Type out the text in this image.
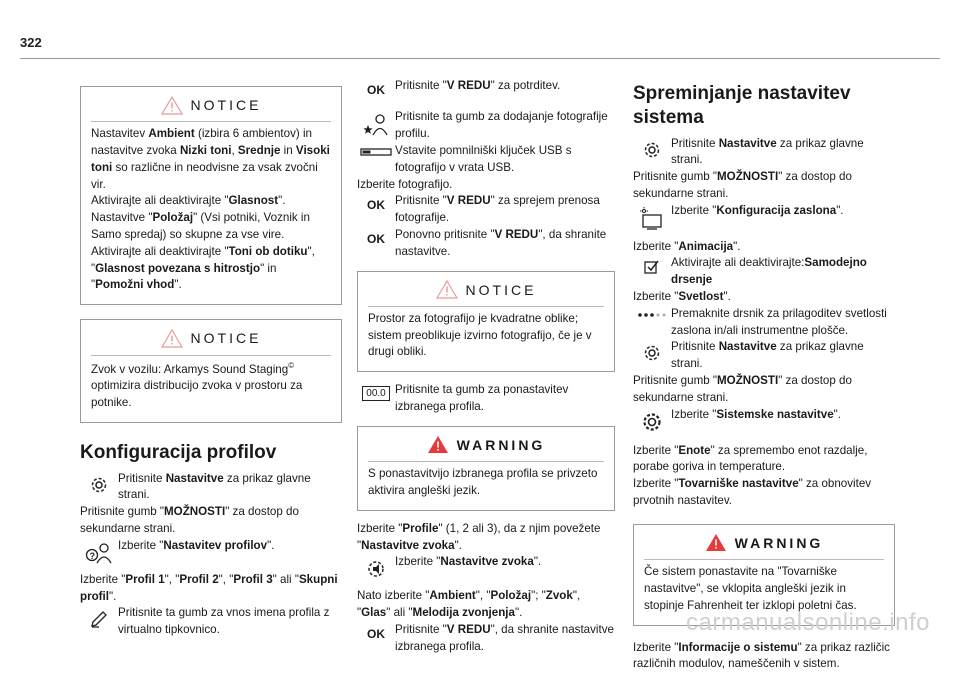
322
NOTICE

Nastavitev Ambient (izbira 6 ambientov) in nastavitve zvoka Nizki toni, Srednje in Visoki toni so različne in neodvisne za vsak zvočni vir.

Aktivirajte ali deaktivirajte "Glasnost".

Nastavitve "Položaj" (Vsi potniki, Voznik in Samo spredaj) so skupne za vse vire.

Aktivirajte ali deaktivirajte "Toni ob dotiku", "Glasnost povezana s hitrostjo" in "Pomožni vhod".

NOTICE

Zvok v vozilu: Arkamys Sound Staging© optimizira distribucijo zvoka v prostoru za potnike.

Konfiguracija profilov

Pritisnite Nastavitve za prikaz glavne strani.

Pritisnite gumb "MOŽNOSTI" za dostop do sekundarne strani.

?

Izberite "Nastavitev profilov".

Izberite "Profil 1", "Profil 2", "Profil 3" ali "Skupni profil".

Pritisnite ta gumb za vnos imena profila z virtualno tipkovnico.

OK Pritisnite "V REDU" za potrditev.

Pritisnite ta gumb za dodajanje fotografije profilu.

Vstavite pomnilniški ključek USB s fotografijo v vrata USB.

Izberite fotografijo.

OK Pritisnite "V REDU" za sprejem prenosa fotografije.

OK Ponovno pritisnite "V REDU", da shranite nastavitve.

NOTICE

Prostor za fotografijo je kvadratne oblike; sistem preoblikuje izvirno fotografijo, če je v drugi obliki.

00.0 Pritisnite ta gumb za ponastavitev izbranega profila.

WARNING

S ponastavitvijo izbranega profila se privzeto aktivira angleški jezik.

Izberite "Profile" (1, 2 ali 3), da z njim povežete "Nastavitve zvoka".

Izberite "Nastavitve zvoka".

Nato izberite "Ambient", "Položaj"; "Zvok", "Glas" ali "Melodija zvonjenja".

OK Pritisnite "V REDU", da shranite nastavitve izbranega profila.

Spreminjanje nastavitev sistema

Pritisnite Nastavitve za prikaz glavne strani.

Pritisnite gumb "MOŽNOSTI" za dostop do sekundarne strani.

Izberite "Konfiguracija zaslona".

Izberite "Animacija".

Aktivirajte ali deaktivirajte:Samodejno drsenje

Izberite "Svetlost".

Premaknite drsnik za prilagoditev svetlosti zaslona in/ali instrumentne plošče.

Pritisnite Nastavitve za prikaz glavne strani.

Pritisnite gumb "MOŽNOSTI" za dostop do sekundarne strani.

Izberite "Sistemske nastavitve".

Izberite "Enote" za spremembo enot razdalje, porabe goriva in temperature.

Izberite "Tovarniške nastavitve" za obnovitev prvotnih nastavitev.

WARNING

Če sistem ponastavite na "Tovarniške nastavitve", se vklopita angleški jezik in stopinje Fahrenheit ter izklopi poletni čas.

Izberite "Informacije o sistemu" za prikaz različic različnih modulov, nameščenih v sistem.

carmanualsonline.info
